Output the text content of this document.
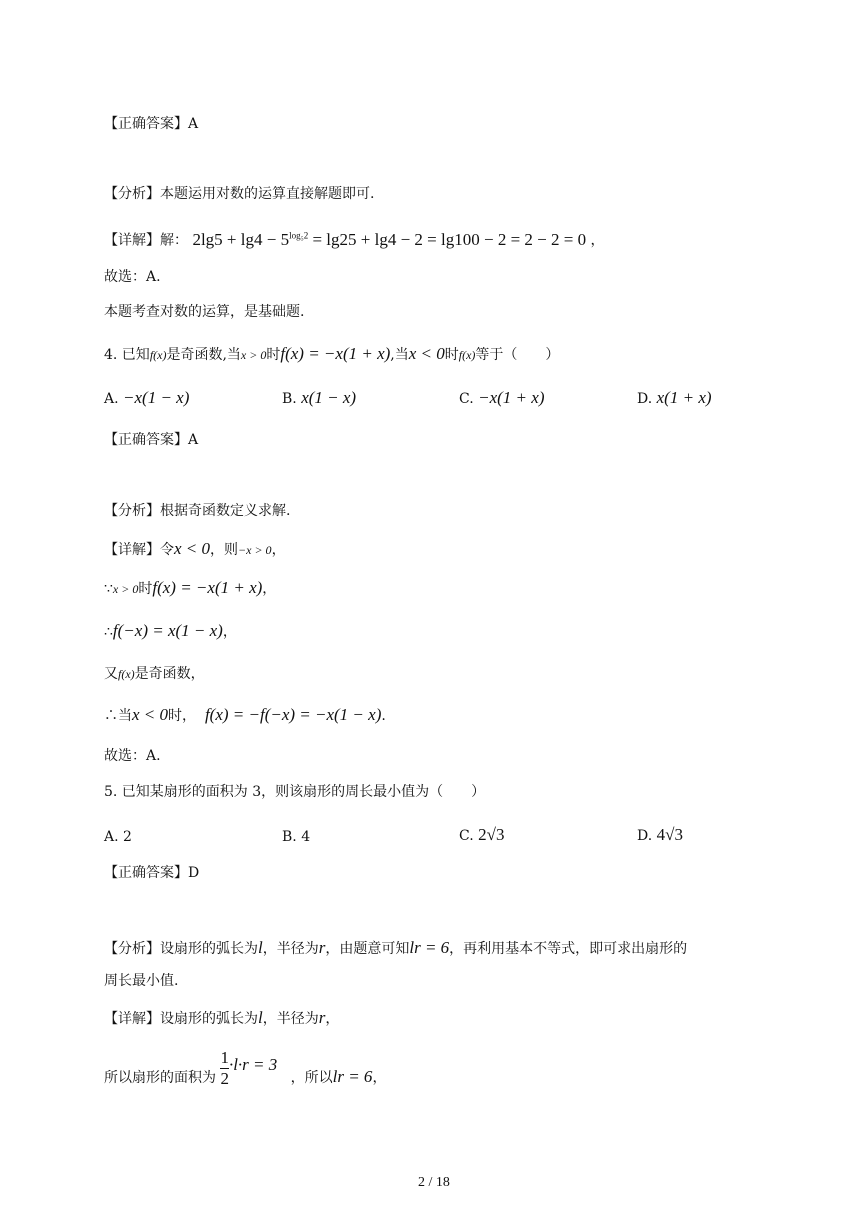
【正确答案】A
【分析】本题运用对数的运算直接解题即可.
【详解】解： $2\lg 5 + \lg 4 - 5^{log_52} = \lg 25 + \lg 4 - 2 = \lg 100 - 2 = 2 - 2 = 0$ ，
故选：A.
本题考查对数的运算，是基础题.
4. 已知f(x)是奇函数,当x > 0时f(x) = −x(1 + x),当x < 0时f(x)等于（　　）
A. −x(1 − x)	B. x(1 − x)	C. −x(1 + x)	D. x(1 + x)
【正确答案】A
【分析】根据奇函数定义求解.
【详解】令x < 0，则−x > 0，
∵x > 0时f(x) = −x(1 + x)，
∴f(−x) = x(1 − x)，
又f(x)是奇函数，
∴当x < 0时， f(x) = −f(−x) = −x(1 − x).
故选：A.
5. 已知某扇形的面积为 3，则该扇形的周长最小值为（　　）
A. 2	B. 4	C. 2√3	D. 4√3
【正确答案】D
【分析】设扇形的弧长为l，半径为r，由题意可知lr = 6，再利用基本不等式，即可求出扇形的
周长最小值.
【详解】设扇形的弧长为l，半径为r，
所以扇形的面积为 $\frac{1}{2} \cdot l\cdot r = 3$   ，所以lr = 6，
2 / 18
